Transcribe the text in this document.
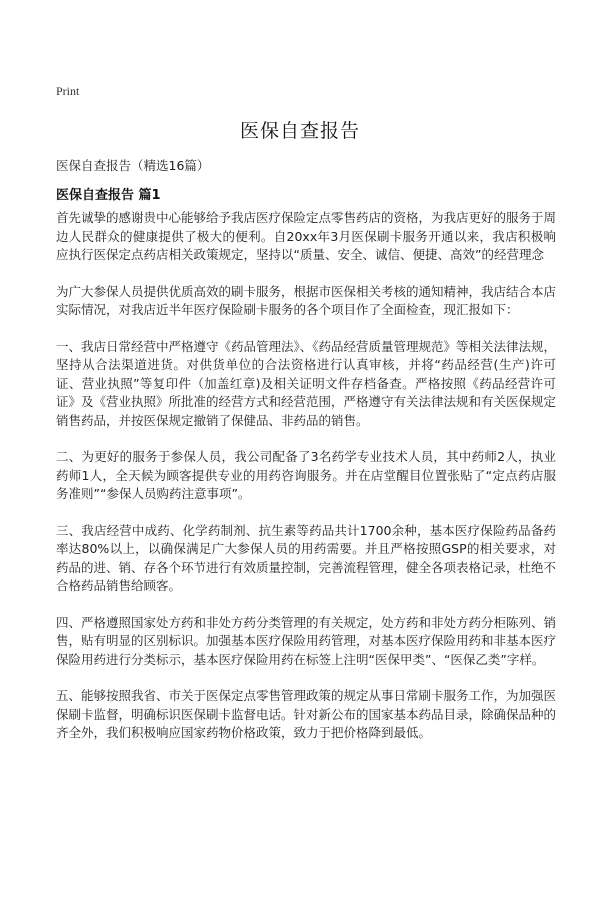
Print
医保自查报告
医保自查报告（精选16篇）
医保自查报告 篇1

首先诚挚的感谢贵中心能够给予我店医疗保险定点零售药店的资格，为我店更好的服务于周边人民群众的健康提供了极大的便利。自20xx年3月医保刷卡服务开通以来，我店积极响应执行医保定点药店相关政策规定，坚持以“质量、安全、诚信、便捷、高效”的经营理念

为广大参保人员提供优质高效的刷卡服务，根据市医保相关考核的通知精神，我店结合本店实际情况，对我店近半年医疗保险刷卡服务的各个项目作了全面检查，现汇报如下：

一、我店日常经营中严格遵守《药品管理法》、《药品经营质量管理规范》等相关法律法规，坚持从合法渠道进货。对供货单位的合法资格进行认真审核，并将“药品经营(生产)许可证、营业执照”等复印件（加盖红章)及相关证明文件存档备查。严格按照《药品经营许可证》及《营业执照》所批准的经营方式和经营范围，严格遵守有关法律法规和有关医保规定销售药品，并按医保规定撤销了保健品、非药品的销售。

二、为更好的服务于参保人员，我公司配备了3名药学专业技术人员，其中药师2人，执业药师1人，全天候为顾客提供专业的用药咨询服务。并在店堂醒目位置张贴了“定点药店服务准则”“参保人员购药注意事项”。

三、我店经营中成药、化学药制剂、抗生素等药品共计1700余种，基本医疗保险药品备药率达80%以上，以确保满足广大参保人员的用药需要。并且严格按照GSP的相关要求，对药品的进、销、存各个环节进行有效质量控制，完善流程管理，健全各项表格记录，杜绝不合格药品销售给顾客。

四、严格遵照国家处方药和非处方药分类管理的有关规定，处方药和非处方药分柜陈列、销售，贴有明显的区别标识。加强基本医疗保险用药管理，对基本医疗保险用药和非基本医疗保险用药进行分类标示，基本医疗保险用药在标签上注明“医保甲类”、“医保乙类”字样。

五、能够按照我省、市关于医保定点零售管理政策的规定从事日常刷卡服务工作，为加强医保刷卡监督，明确标识医保刷卡监督电话。针对新公布的国家基本药品目录，除确保品种的齐全外，我们积极响应国家药物价格政策，致力于把价格降到最低。
